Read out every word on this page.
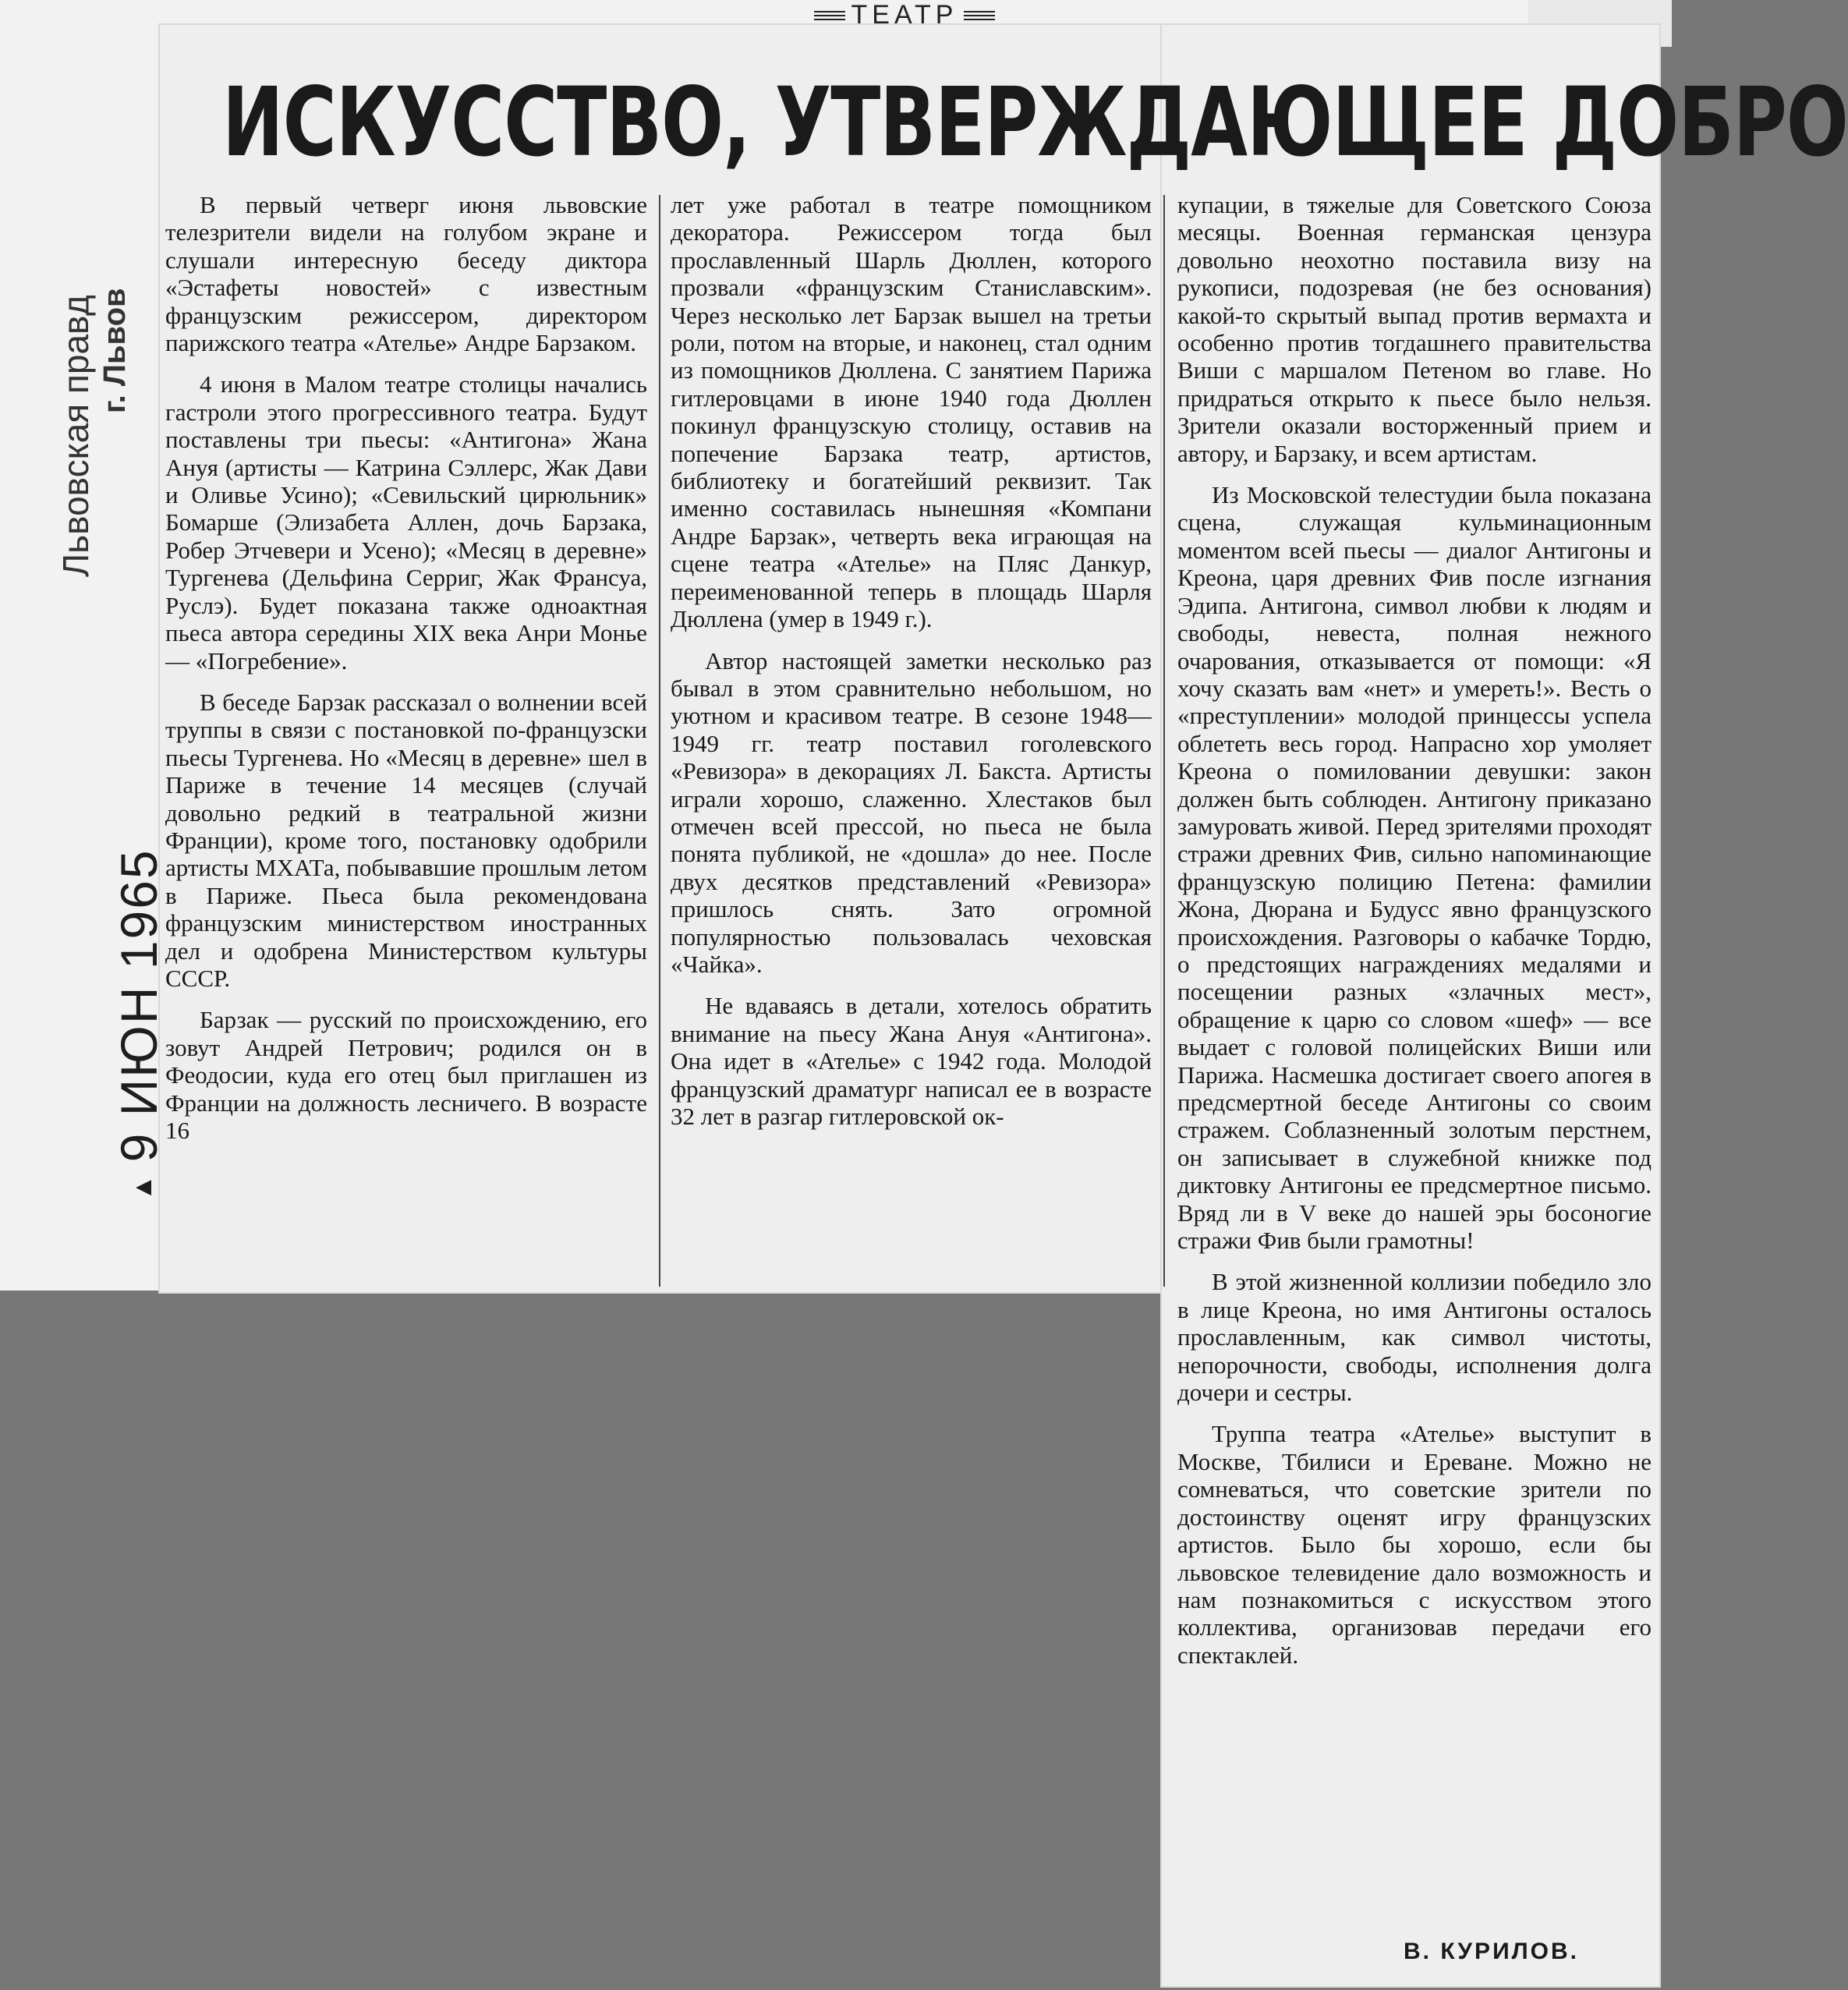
ТЕАТР
ИСКУССТВО, УТВЕРЖДАЮЩЕЕ ДОБРО
▲9 ИЮН 1965
Львовская правд г. Львов

В первый четверг июня львовские телезрители видели на голубом экране и слушали интересную беседу диктора «Эстафеты новостей» с известным французским режиссером, директором парижского театра «Ателье» Андре Барзаком.

4 июня в Малом театре столицы начались гастроли этого прогрессивного театра. Будут поставлены три пьесы: «Антигона» Жана Ануя (артисты — Катрина Сэллерс, Жак Дави и Оливье Усино); «Севильский цирюльник» Бомарше (Элизабета Аллен, дочь Барзака, Робер Этчевери и Усено); «Месяц в деревне» Тургенева (Дельфина Серриг, Жак Франсуа, Руслэ). Будет показана также одноактная пьеса автора середины XIX века Анри Монье — «Погребение».

В беседе Барзак рассказал о волнении всей труппы в связи с постановкой по-французски пьесы Тургенева. Но «Месяц в деревне» шел в Париже в течение 14 месяцев (случай довольно редкий в театральной жизни Франции), кроме того, постановку одобрили артисты МХАТа, побывавшие прошлым летом в Париже. Пьеса была рекомендована французским министерством иностранных дел и одобрена Министерством культуры СССР.

Барзак — русский по происхождению, его зовут Андрей Петрович; родился он в Феодосии, куда его отец был приглашен из Франции на должность лесничего. В возрасте 16

лет уже работал в театре помощником декоратора. Режиссером тогда был прославленный Шарль Дюллен, которого прозвали «французским Станиславским». Через несколько лет Барзак вышел на третьи роли, потом на вторые, и наконец, стал одним из помощников Дюллена. С занятием Парижа гитлеровцами в июне 1940 года Дюллен покинул французскую столицу, оставив на попечение Барзака театр, артистов, библиотеку и богатейший реквизит. Так именно составилась нынешняя «Компани Андре Барзак», четверть века играющая на сцене театра «Ателье» на Пляс Данкур, переименованной теперь в площадь Шарля Дюллена (умер в 1949 г.).

Автор настоящей заметки несколько раз бывал в этом сравнительно небольшом, но уютном и красивом театре. В сезоне 1948—1949 гг. театр поставил гоголевского «Ревизора» в декорациях Л. Бакста. Артисты играли хорошо, слаженно. Хлестаков был отмечен всей прессой, но пьеса не была понята публикой, не «дошла» до нее. После двух десятков представлений «Ревизора» пришлось снять. Зато огромной популярностью пользовалась чеховская «Чайка».

Не вдаваясь в детали, хотелось обратить внимание на пьесу Жана Ануя «Антигона». Она идет в «Ателье» с 1942 года. Молодой французский драматург написал ее в возрасте 32 лет в разгар гитлеровской ок-

купации, в тяжелые для Советского Союза месяцы. Военная германская цензура довольно неохотно поставила визу на рукописи, подозревая (не без основания) какой-то скрытый выпад против вермахта и особенно против тогдашнего правительства Виши с маршалом Петеном во главе. Но придраться открыто к пьесе было нельзя. Зрители оказали восторженный прием и автору, и Барзаку, и всем артистам.

Из Московской телестудии была показана сцена, служащая кульминационным моментом всей пьесы — диалог Антигоны и Креона, царя древних Фив после изгнания Эдипа. Антигона, символ любви к людям и свободы, невеста, полная нежного очарования, отказывается от помощи: «Я хочу сказать вам «нет» и умереть!». Весть о «преступлении» молодой принцессы успела облететь весь город. Напрасно хор умоляет Креона о помиловании девушки: закон должен быть соблюден. Антигону приказано замуровать живой. Перед зрителями проходят стражи древних Фив, сильно напоминающие французскую полицию Петена: фамилии Жона, Дюрана и Будусс явно французского происхождения. Разговоры о кабачке Тордю, о предстоящих награждениях медалями и посещении разных «злачных мест», обращение к царю со словом «шеф» — все выдает с головой полицейских Виши или Парижа. Насмешка достигает своего апогея в предсмертной беседе Антигоны со своим стражем. Соблазненный золотым перстнем, он записывает в служебной книжке под диктовку Антигоны ее предсмертное письмо. Вряд ли в V веке до нашей эры босоногие стражи Фив были грамотны!

В этой жизненной коллизии победило зло в лице Креона, но имя Антигоны осталось прославленным, как символ чистоты, непорочности, свободы, исполнения долга дочери и сестры.

Труппа театра «Ателье» выступит в Москве, Тбилиси и Ереване. Можно не сомневаться, что советские зрители по достоинству оценят игру французских артистов. Было бы хорошо, если бы львовское телевидение дало возможность и нам познакомиться с искусством этого коллектива, организовав передачи его спектаклей.

В. КУРИЛОВ.
